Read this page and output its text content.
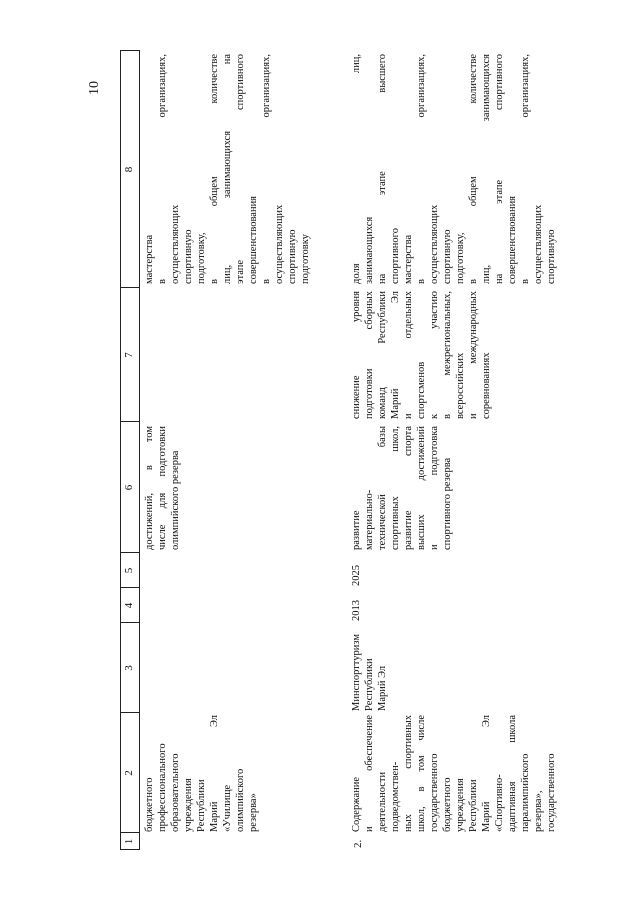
10
1
2
3
4
5
6
7
8
бюджетного профессионального образовательного учреждения Республики Марий Эл «Училище олимпийского резерва»
достижений, в том числе для подготовки олимпийского резерва
мастерства в организациях, осуществляющих спортивную подготовку, в общем количестве лиц, занимающихся на этапе спортивного совершенствования в организациях, осуществляющих спортивную подготовку
2.
Содержание и обеспечение деятельности подведомствен- ных спортивных школ, в том числе государственного бюджетного учреждения Республики Марий Эл «Спортивно- адаптивная школа паралимпийского резерва», государственного
Минспорттуризм Республики Марий Эл
2013
2025
развитие материально- технической базы спортивных школ, развитие спорта высших достижений и подготовка спортивного резерва
снижение уровня подготовки сборных команд Республики Марий Эл и отдельных спортсменов к участию в межрегиональных, всероссийских и международных соревнованиях
доля лиц, занимающихся на этапе высшего спортивного мастерства в организациях, осуществляющих спортивную подготовку, в общем количестве лиц, занимающихся на этапе спортивного совершенствования в организациях, осуществляющих спортивную
